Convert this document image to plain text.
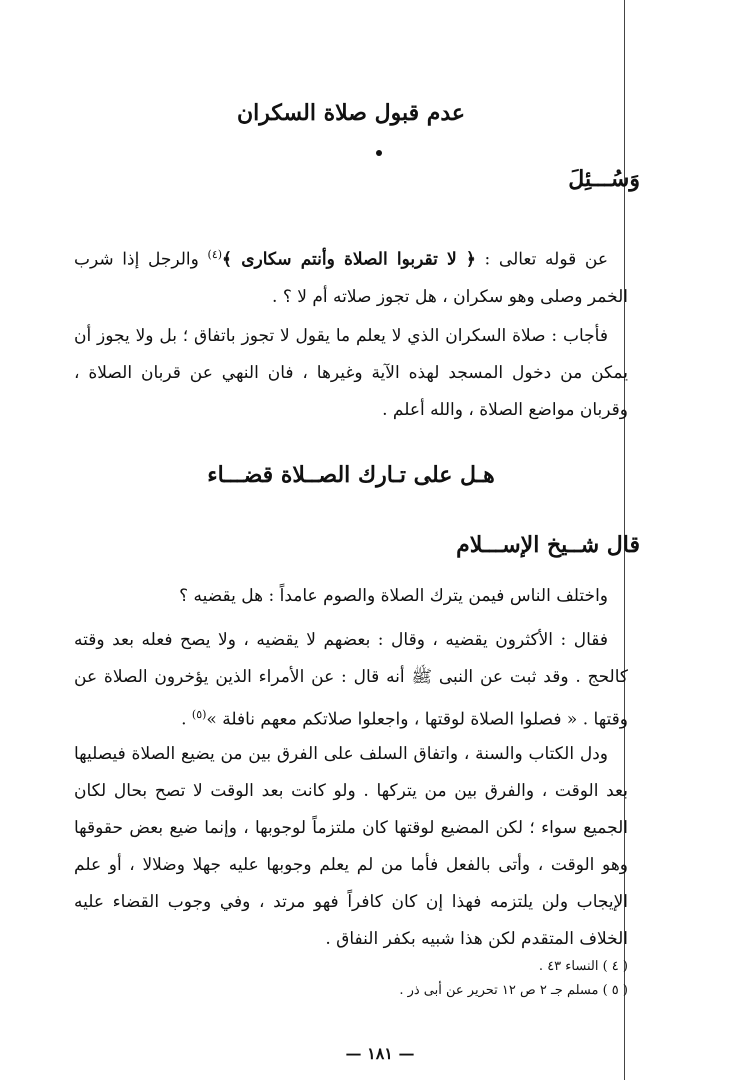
عدم قبول صلاة السكران
وَسُـــئِلَ

عن قوله تعالى : ﴿ لا تقربوا الصلاة وأنتم سكارى ﴾$^{(٤)}$ والرجل إذا شرب الخمر وصلى وهو سكران ، هل تجوز صلاته أم لا ؟ .

فأجاب : صلاة السكران الذي لا يعلم ما يقول لا تجوز باتفاق ؛ بل ولا يجوز أن يمكن من دخول المسجد لهذه الآية وغيرها ، فان النهي عن قربان الصلاة ، وقربان مواضع الصلاة ، والله أعلم .

هـل على تـارك الصــلاة قضـــاء
قال شــيخ الإســـلام

واختلف الناس فيمن يترك الصلاة والصوم عامداً : هل يقضيه ؟

فقال : الأكثرون يقضيه ، وقال : بعضهم لا يقضيه ، ولا يصح فعله بعد وقته كالحج . وقد ثبت عن النبى ﷺ أنه قال : عن الأمراء الذين يؤخرون الصلاة عن وقتها . « فصلوا الصلاة لوقتها ، واجعلوا صلاتكم معهم نافلة »$^{(٥)}$ .

ودل الكتاب والسنة ، واتفاق السلف على الفرق بين من يضيع الصلاة فيصليها بعد الوقت ، والفرق بين من يتركها . ولو كانت بعد الوقت لا تصح بحال لكان الجميع سواء ؛ لكن المضيع لوقتها كان ملتزماً لوجوبها ، وإنما ضيع بعض حقوقها وهو الوقت ، وأتى بالفعل فأما من لم يعلم وجوبها عليه جهلا وضلالا ، أو علم الإيجاب ولن يلتزمه فهذا إن كان كافراً فهو مرتد ، وفي وجوب القضاء عليه الخلاف المتقدم لكن هذا شبيه بكفر النفاق .

( ٤ ) النساء ٤٣ .
( ٥ ) مسلم جـ ٢ ص ١٢ تحرير عن أبى ذر .
— ١٨١ —
